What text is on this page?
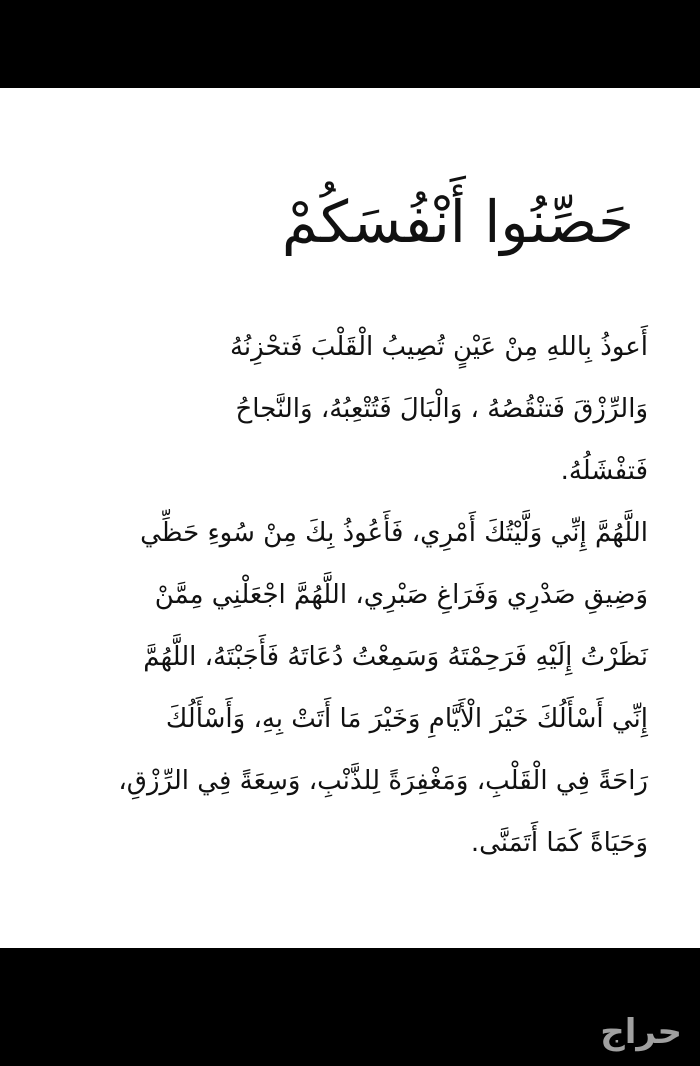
حَصِّنُوا أَنْفُسَكُمْ
أَعوذُ بِاللهِ مِنْ عَيْنٍ تُصِيبُ الْقَلْبَ فَتحْزِنُهُ
وَالرِّزْقَ فَتنْقُصُهُ ، وَالْبَالَ فَتُتْعِبُهُ، وَالنَّجاحُ
فَتفْشَلُهُ.
اللَّهُمَّ إِنِّي وَلَّيْتُكَ أَمْرِي، فَأَعُوذُ بِكَ مِنْ سُوءِ حَظِّي
وَضِيقِ صَدْرِي وَفَرَاغِ صَبْرِي، اللَّهُمَّ اجْعَلْنِي مِمَّنْ
نَظَرْتُ إِلَيْهِ فَرَحِمْتَهُ وَسَمِعْتُ دُعَاتَهُ فَأَجَبْتَهُ، اللَّهُمَّ
إِنِّي أَسْأَلُكَ خَيْرَ الْأَيَّامِ وَخَيْرَ مَا أَتَتْ بِهِ، وَأَسْأَلُكَ
رَاحَةً فِي الْقَلْبِ، وَمَغْفِرَةً لِلذَّنْبِ، وَسِعَةً فِي الرِّزْقِ،
وَحَيَاةً كَمَا أَتَمَنَّى.
حراج
